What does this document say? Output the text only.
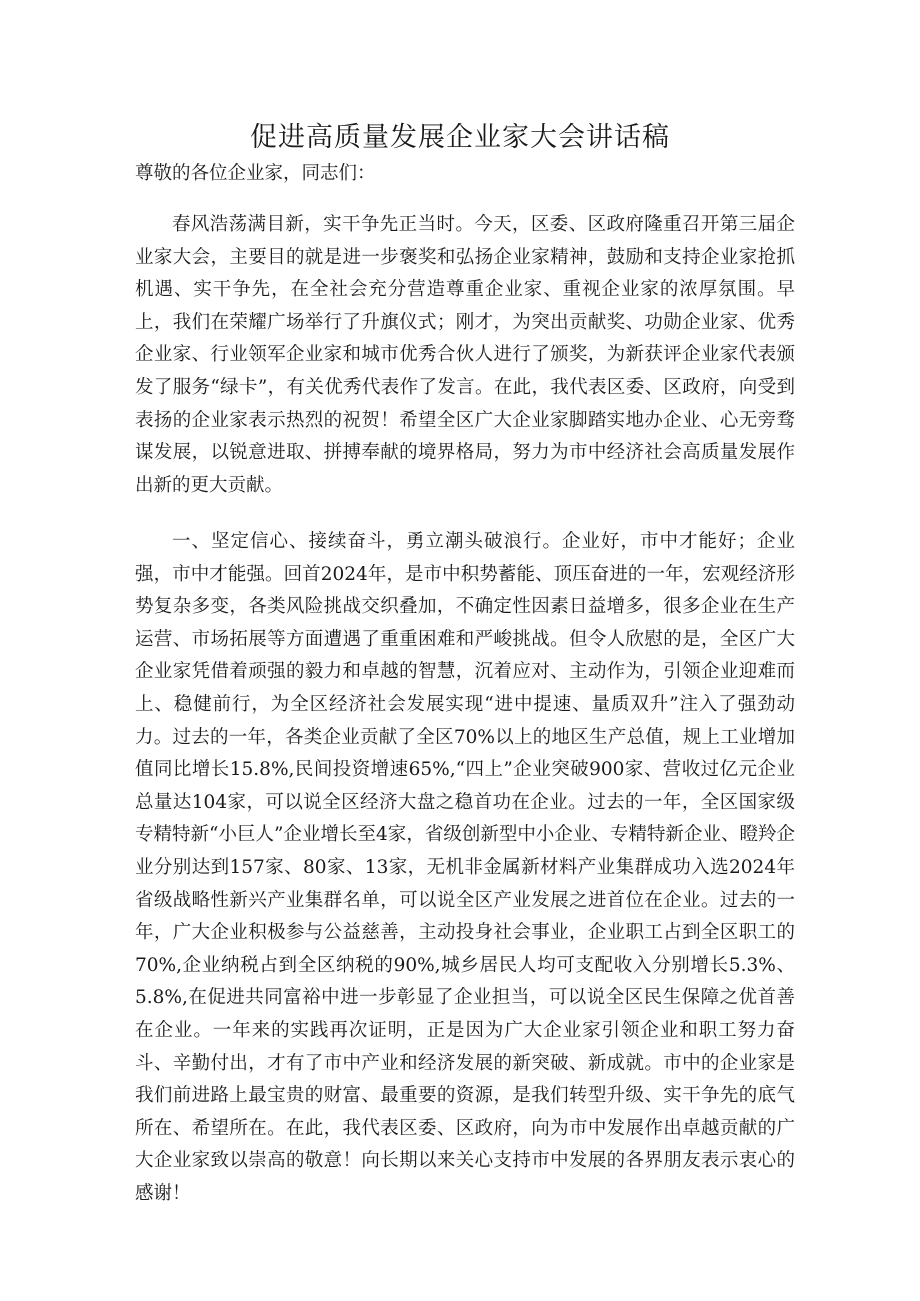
促进高质量发展企业家大会讲话稿

尊敬的各位企业家，同志们：

春风浩荡满目新，实干争先正当时。今天，区委、区政府隆重召开第三届企业家大会，主要目的就是进一步褒奖和弘扬企业家精神，鼓励和支持企业家抢抓机遇、实干争先，在全社会充分营造尊重企业家、重视企业家的浓厚氛围。早上，我们在荣耀广场举行了升旗仪式；刚才，为突出贡献奖、功勋企业家、优秀企业家、行业领军企业家和城市优秀合伙人进行了颁奖，为新获评企业家代表颁发了服务“绿卡”，有关优秀代表作了发言。在此，我代表区委、区政府，向受到表扬的企业家表示热烈的祝贺！希望全区广大企业家脚踏实地办企业、心无旁骛谋发展，以锐意进取、拼搏奉献的境界格局，努力为市中经济社会高质量发展作出新的更大贡献。

一、坚定信心、接续奋斗，勇立潮头破浪行。企业好，市中才能好；企业强，市中才能强。回首2024年，是市中积势蓄能、顶压奋进的一年，宏观经济形势复杂多变，各类风险挑战交织叠加，不确定性因素日益增多，很多企业在生产运营、市场拓展等方面遭遇了重重困难和严峻挑战。但令人欣慰的是，全区广大企业家凭借着顽强的毅力和卓越的智慧，沉着应对、主动作为，引领企业迎难而上、稳健前行，为全区经济社会发展实现“进中提速、量质双升”注入了强劲动力。过去的一年，各类企业贡献了全区70%以上的地区生产总值，规上工业增加值同比增长15.8%,民间投资增速65%,“四上”企业突破900家、营收过亿元企业总量达104家，可以说全区经济大盘之稳首功在企业。过去的一年，全区国家级专精特新“小巨人”企业增长至4家，省级创新型中小企业、专精特新企业、瞪羚企业分别达到157家、80家、13家，无机非金属新材料产业集群成功入选2024年省级战略性新兴产业集群名单，可以说全区产业发展之进首位在企业。过去的一年，广大企业积极参与公益慈善，主动投身社会事业，企业职工占到全区职工的70%,企业纳税占到全区纳税的90%,城乡居民人均可支配收入分别增长5.3%、5.8%,在促进共同富裕中进一步彰显了企业担当，可以说全区民生保障之优首善在企业。一年来的实践再次证明，正是因为广大企业家引领企业和职工努力奋斗、辛勤付出，才有了市中产业和经济发展的新突破、新成就。市中的企业家是我们前进路上最宝贵的财富、最重要的资源，是我们转型升级、实干争先的底气所在、希望所在。在此，我代表区委、区政府，向为市中发展作出卓越贡献的广大企业家致以崇高的敬意！向长期以来关心支持市中发展的各界朋友表示衷心的感谢！
